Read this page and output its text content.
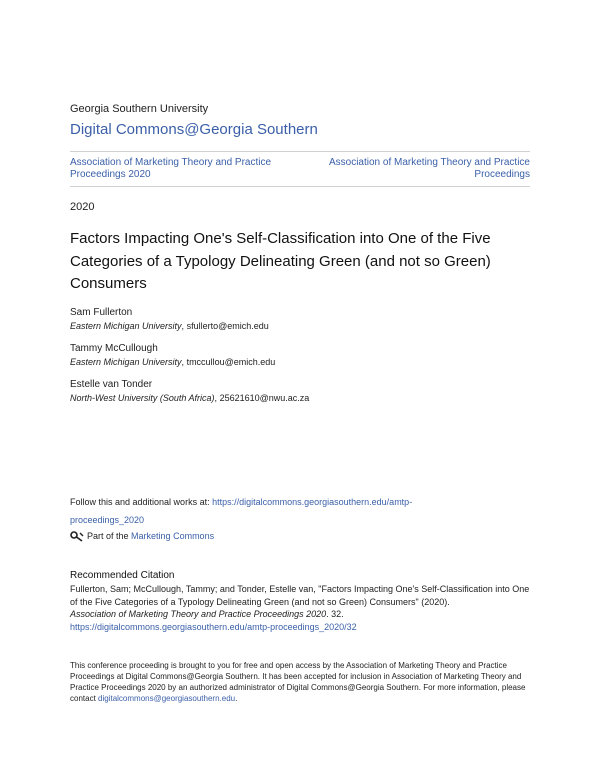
Georgia Southern University
Digital Commons@Georgia Southern
Association of Marketing Theory and Practice Proceedings 2020
Association of Marketing Theory and Practice Proceedings
2020
Factors Impacting One's Self-Classification into One of the Five Categories of a Typology Delineating Green (and not so Green) Consumers
Sam Fullerton
Eastern Michigan University, sfullerto@emich.edu
Tammy McCullough
Eastern Michigan University, tmccullou@emich.edu
Estelle van Tonder
North-West University (South Africa), 25621610@nwu.ac.za
Follow this and additional works at: https://digitalcommons.georgiasouthern.edu/amtp-proceedings_2020
Part of the
Marketing Commons
Recommended Citation
Fullerton, Sam; McCullough, Tammy; and Tonder, Estelle van, "Factors Impacting One's Self-Classification into One of the Five Categories of a Typology Delineating Green (and not so Green) Consumers" (2020).
Association of Marketing Theory and Practice Proceedings 2020. 32.
https://digitalcommons.georgiasouthern.edu/amtp-proceedings_2020/32
This conference proceeding is brought to you for free and open access by the Association of Marketing Theory and Practice Proceedings at Digital Commons@Georgia Southern. It has been accepted for inclusion in Association of Marketing Theory and Practice Proceedings 2020 by an authorized administrator of Digital Commons@Georgia Southern. For more information, please contact digitalcommons@georgiasouthern.edu.
